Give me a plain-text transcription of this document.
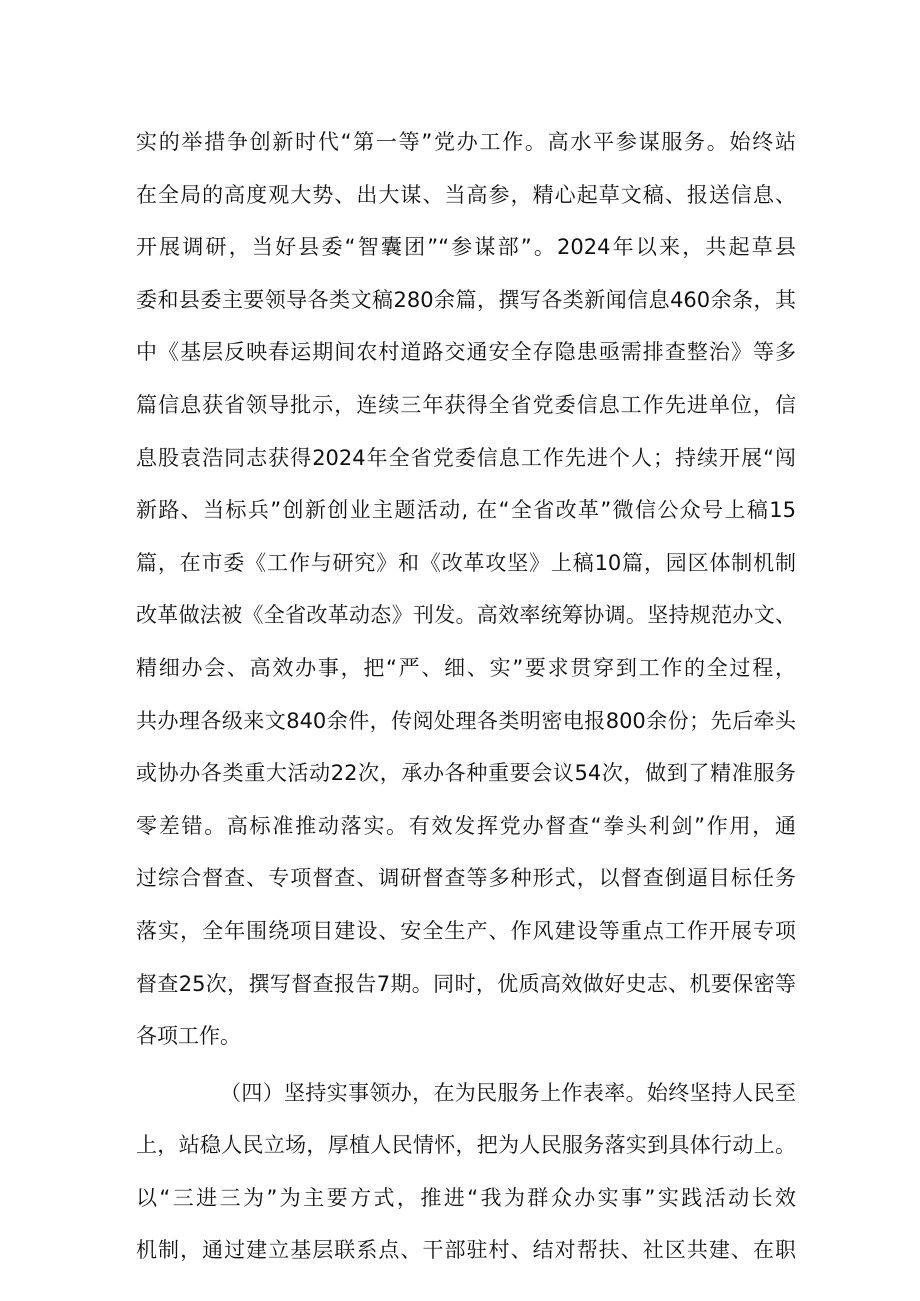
实的举措争创新时代“第一等”党办工作。高水平参谋服务。始终站
在全局的高度观大势、出大谋、当高参，精心起草文稿、报送信息、
开展调研，当好县委“智囊团”“参谋部”。2024年以来，共起草县
委和县委主要领导各类文稿280余篇，撰写各类新闻信息460余条，其
中《基层反映春运期间农村道路交通安全存隐患亟需排查整治》等多
篇信息获省领导批示，连续三年获得全省党委信息工作先进单位，信
息股袁浩同志获得2024年全省党委信息工作先进个人；持续开展“闯
新路、当标兵”创新创业主题活动, 在“全省改革”微信公众号上稿15
篇，在市委《工作与研究》和《改革攻坚》上稿10篇，园区体制机制
改革做法被《全省改革动态》刊发。高效率统筹协调。坚持规范办文、
精细办会、高效办事，把“严、细、实”要求贯穿到工作的全过程，
共办理各级来文840余件，传阅处理各类明密电报800余份；先后牵头
或协办各类重大活动22次，承办各种重要会议54次，做到了精准服务
零差错。高标准推动落实。有效发挥党办督查“拳头利剑”作用，通
过综合督查、专项督查、调研督查等多种形式，以督查倒逼目标任务
落实，全年围绕项目建设、安全生产、作风建设等重点工作开展专项
督查25次，撰写督查报告7期。同时，优质高效做好史志、机要保密等
各项工作。
（四）坚持实事领办，在为民服务上作表率。始终坚持人民至
上，站稳人民立场，厚植人民情怀，把为人民服务落实到具体行动上。
以“三进三为”为主要方式，推进“我为群众办实事”实践活动长效
机制，通过建立基层联系点、干部驻村、结对帮扶、社区共建、在职
